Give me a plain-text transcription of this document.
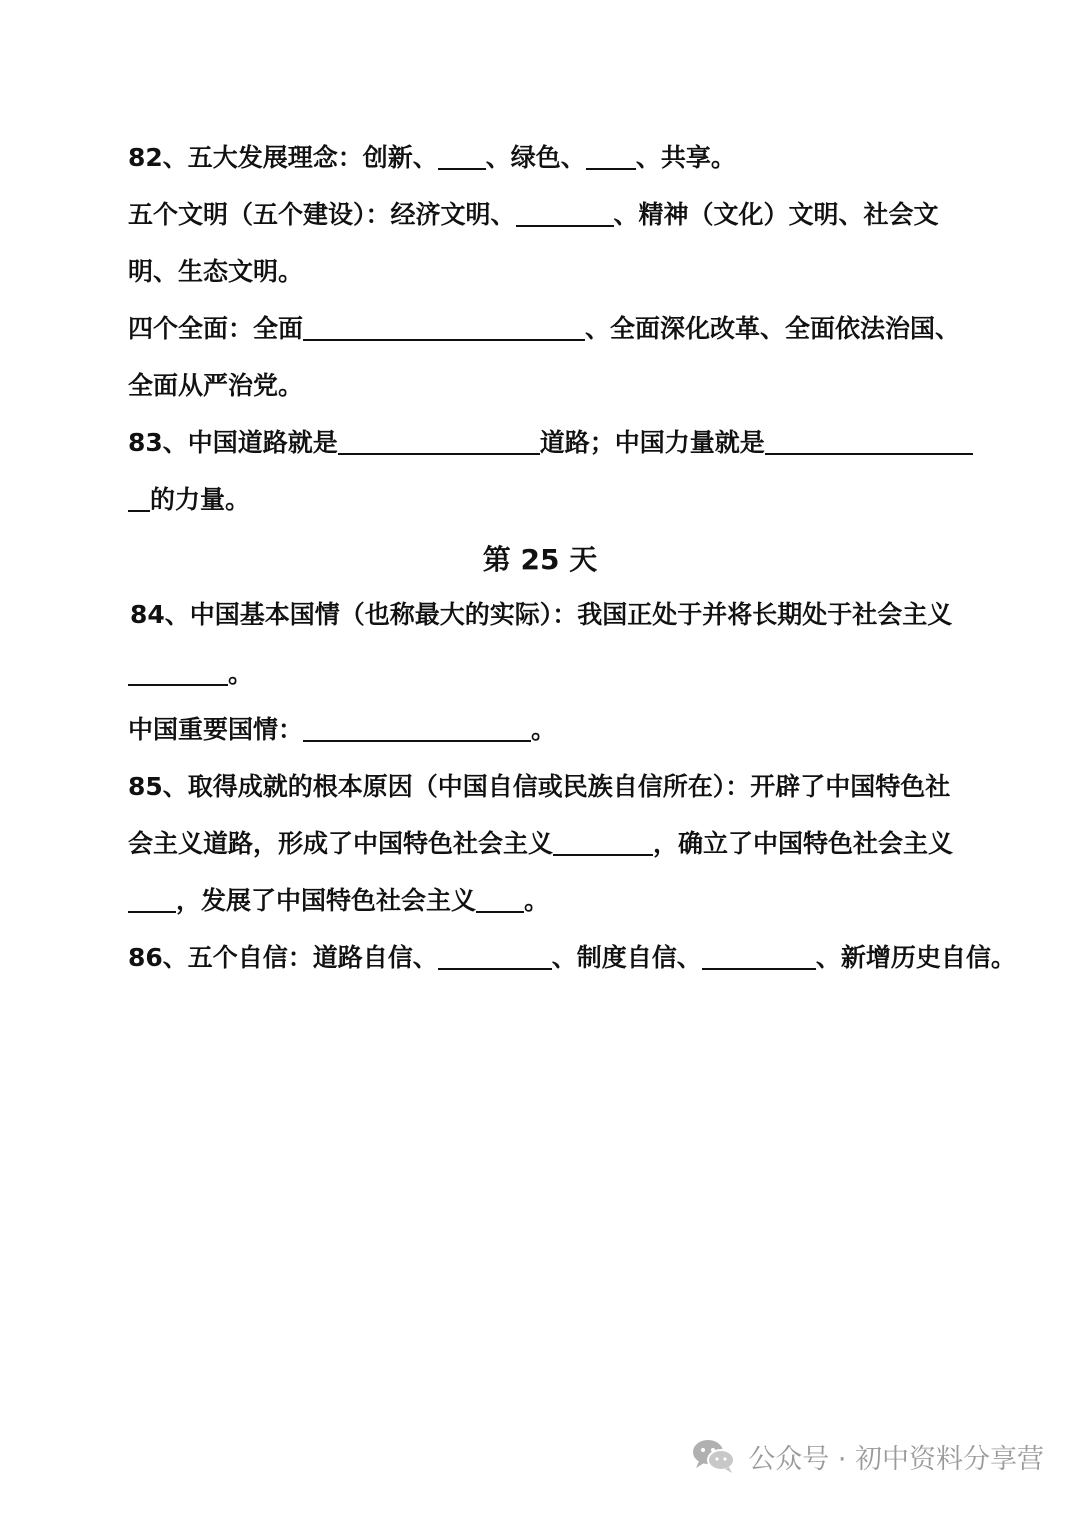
82、五大发展理念：创新、 、绿色、 、共享。
五个文明（五个建设）：经济文明、	、精神（文化）文明、社会文
明、生态文明。
四个全面：全面	、全面深化改革、全面依法治国、
全面从严治党。
83、中国道路就是	道路；中国力量就是
的力量。
第 25 天
84、中国基本国情（也称最大的实际）：我国正处于并将长期处于社会主义
。
中国重要国情：	。
85、取得成就的根本原因（中国自信或民族自信所在）：开辟了中国特色社
会主义道路，形成了中国特色社会主义	，确立了中国特色社会主义
，发展了中国特色社会主义 。
86、五个自信：道路自信、	、制度自信、	、新增历史自信。
公众号 · 初中资料分享营
